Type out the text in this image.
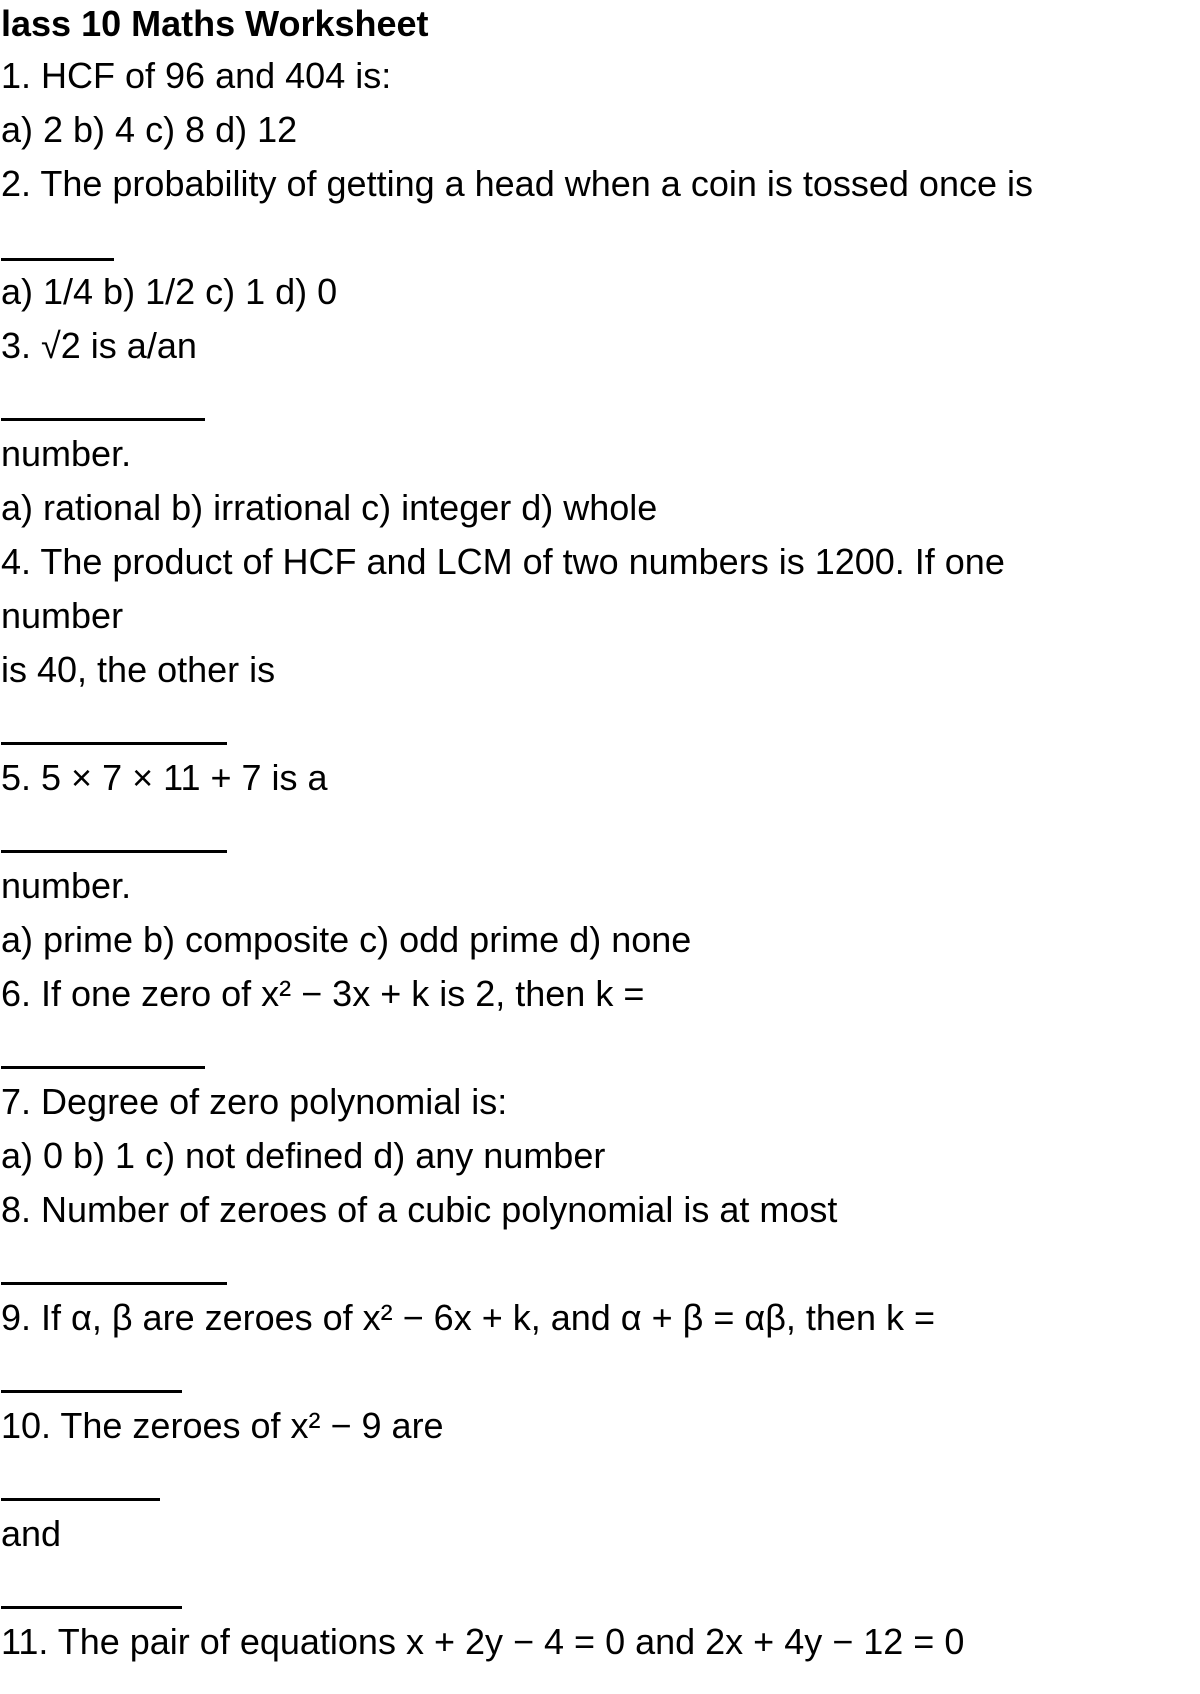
lass 10 Maths Worksheet
1. HCF of 96 and 404 is:
a) 2 b) 4 c) 8 d) 12
2. The probability of getting a head when a coin is tossed once is
a) 1/4 b) 1/2 c) 1 d) 0
3. √2 is a/an
number.
a) rational b) irrational c) integer d) whole
4. The product of HCF and LCM of two numbers is 1200. If one
number
is 40, the other is
5. 5 × 7 × 11 + 7 is a
number.
a) prime b) composite c) odd prime d) none
6. If one zero of x² − 3x + k is 2, then k =
7. Degree of zero polynomial is:
a) 0 b) 1 c) not defined d) any number
8. Number of zeroes of a cubic polynomial is at most
9. If α, β are zeroes of x² − 6x + k, and α + β = αβ, then k =
10. The zeroes of x² − 9 are
and
11. The pair of equations x + 2y − 4 = 0 and 2x + 4y − 12 = 0
